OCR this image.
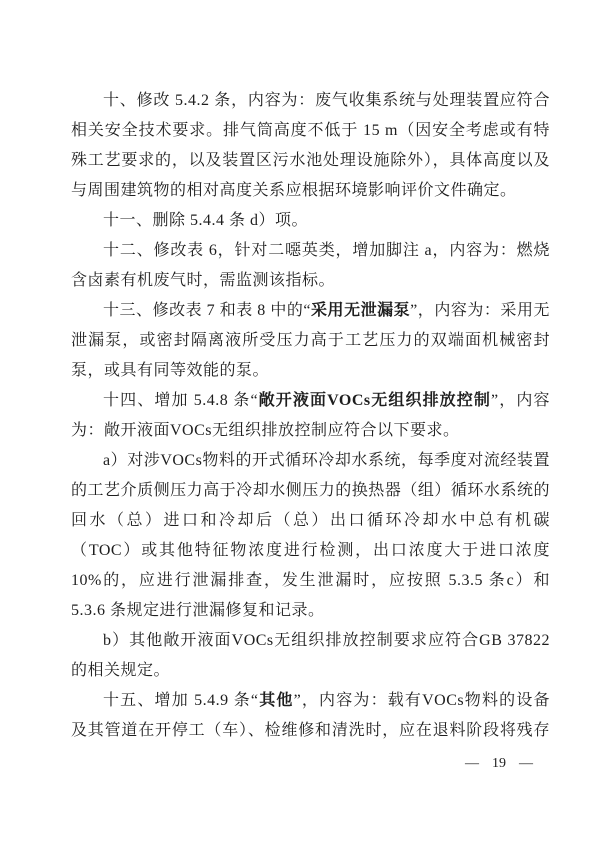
十、修改 5.4.2 条，内容为：废气收集系统与处理装置应符合相关安全技术要求。排气筒高度不低于 15 m（因安全考虑或有特殊工艺要求的，以及装置区污水池处理设施除外），具体高度以及与周围建筑物的相对高度关系应根据环境影响评价文件确定。

十一、删除 5.4.4 条 d）项。

十二、修改表 6，针对二噁英类，增加脚注 a，内容为：燃烧含卤素有机废气时，需监测该指标。

十三、修改表 7 和表 8 中的“采用无泄漏泵”，内容为：采用无泄漏泵，或密封隔离液所受压力高于工艺压力的双端面机械密封泵，或具有同等效能的泵。

十四、增加 5.4.8 条“敞开液面VOCs无组织排放控制”，内容为：敞开液面VOCs无组织排放控制应符合以下要求。

a）对涉VOCs物料的开式循环冷却水系统，每季度对流经装置的工艺介质侧压力高于冷却水侧压力的换热器（组）循环水系统的回水（总）进口和冷却后（总）出口循环冷却水中总有机碳（TOC）或其他特征物浓度进行检测，出口浓度大于进口浓度 10%的，应进行泄漏排查，发生泄漏时，应按照 5.3.5 条c）和 5.3.6 条规定进行泄漏修复和记录。

b）其他敞开液面VOCs无组织排放控制要求应符合GB 37822 的相关规定。

十五、增加 5.4.9 条“其他”，内容为：载有VOCs物料的设备及其管道在开停工（车）、检维修和清洗时，应在退料阶段将残存

— 19 —
